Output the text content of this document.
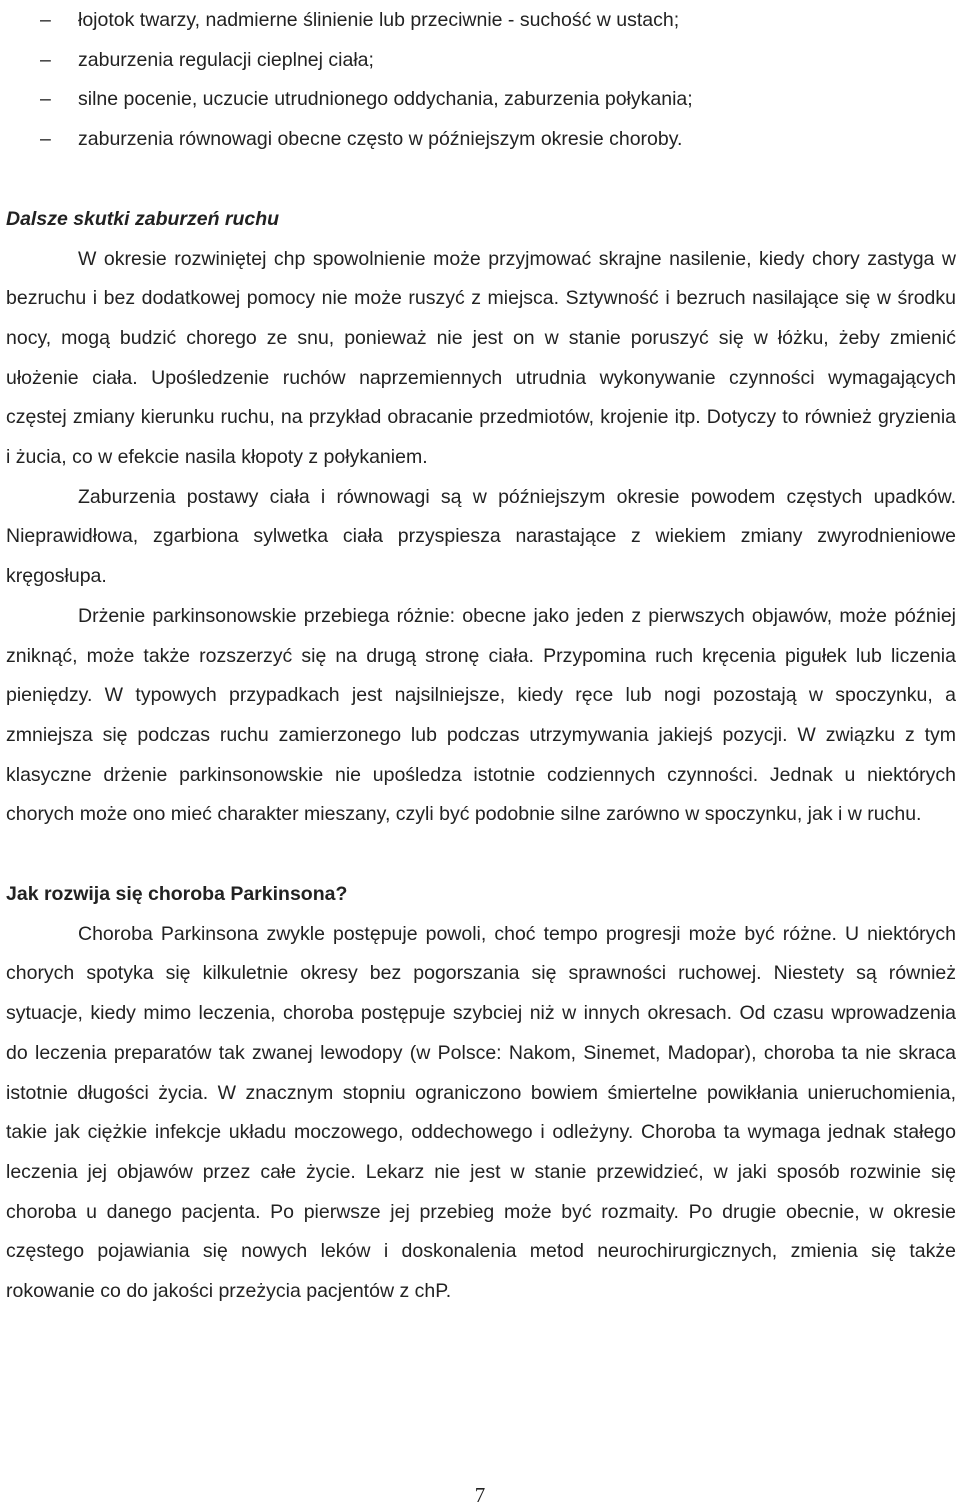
– łojotok twarzy, nadmierne ślinienie lub przeciwnie - suchość w ustach;
– zaburzenia regulacji cieplnej ciała;
– silne pocenie, uczucie utrudnionego oddychania, zaburzenia połykania;
– zaburzenia równowagi obecne często w późniejszym okresie choroby.
Dalsze skutki zaburzeń ruchu

W okresie rozwiniętej chp spowolnienie może przyjmować skrajne nasilenie, kiedy chory zastyga w bezruchu i bez dodatkowej pomocy nie może ruszyć z miejsca. Sztywność i bezruch nasilające się w środku nocy, mogą budzić chorego ze snu, ponieważ nie jest on w stanie poruszyć się w łóżku, żeby zmienić ułożenie ciała. Upośledzenie ruchów naprzemiennych utrudnia wykonywanie czynności wymagających częstej zmiany kierunku ruchu, na przykład obracanie przedmiotów, krojenie itp. Dotyczy to również gryzienia i żucia, co w efekcie nasila kłopoty z połykaniem.

Zaburzenia postawy ciała i równowagi są w późniejszym okresie powodem częstych upadków. Nieprawidłowa, zgarbiona sylwetka ciała przyspiesza narastające z wiekiem zmiany zwyrodnieniowe kręgosłupa.

Drżenie parkinsonowskie przebiega różnie: obecne jako jeden z pierwszych objawów, może później zniknąć, może także rozszerzyć się na drugą stronę ciała. Przypomina ruch kręcenia pigułek lub liczenia pieniędzy. W typowych przypadkach jest najsilniejsze, kiedy ręce lub nogi pozostają w spoczynku, a zmniejsza się podczas ruchu zamierzonego lub podczas utrzymywania jakiejś pozycji. W związku z tym klasyczne drżenie parkinsonowskie nie upośledza istotnie codziennych czynności. Jednak u niektórych chorych może ono mieć charakter mieszany, czyli być podobnie silne zarówno w spoczynku, jak i w ruchu.

Jak rozwija się choroba Parkinsona?

Choroba Parkinsona zwykle postępuje powoli, choć tempo progresji może być różne. U niektórych chorych spotyka się kilkuletnie okresy bez pogorszania się sprawności ruchowej. Niestety są również sytuacje, kiedy mimo leczenia, choroba postępuje szybciej niż w innych okresach. Od czasu wprowadzenia do leczenia preparatów tak zwanej lewodopy (w Polsce: Nakom, Sinemet, Madopar), choroba ta nie skraca istotnie długości życia. W znacznym stopniu ograniczono bowiem śmiertelne powikłania unieruchomienia, takie jak ciężkie infekcje układu moczowego, oddechowego i odleżyny. Choroba ta wymaga jednak stałego leczenia jej objawów przez całe życie. Lekarz nie jest w stanie przewidzieć, w jaki sposób rozwinie się choroba u danego pacjenta. Po pierwsze jej przebieg może być rozmaity. Po drugie obecnie, w okresie częstego pojawiania się nowych leków i doskonalenia metod neurochirurgicznych, zmienia się także rokowanie co do jakości przeżycia pacjentów z chP.

7
